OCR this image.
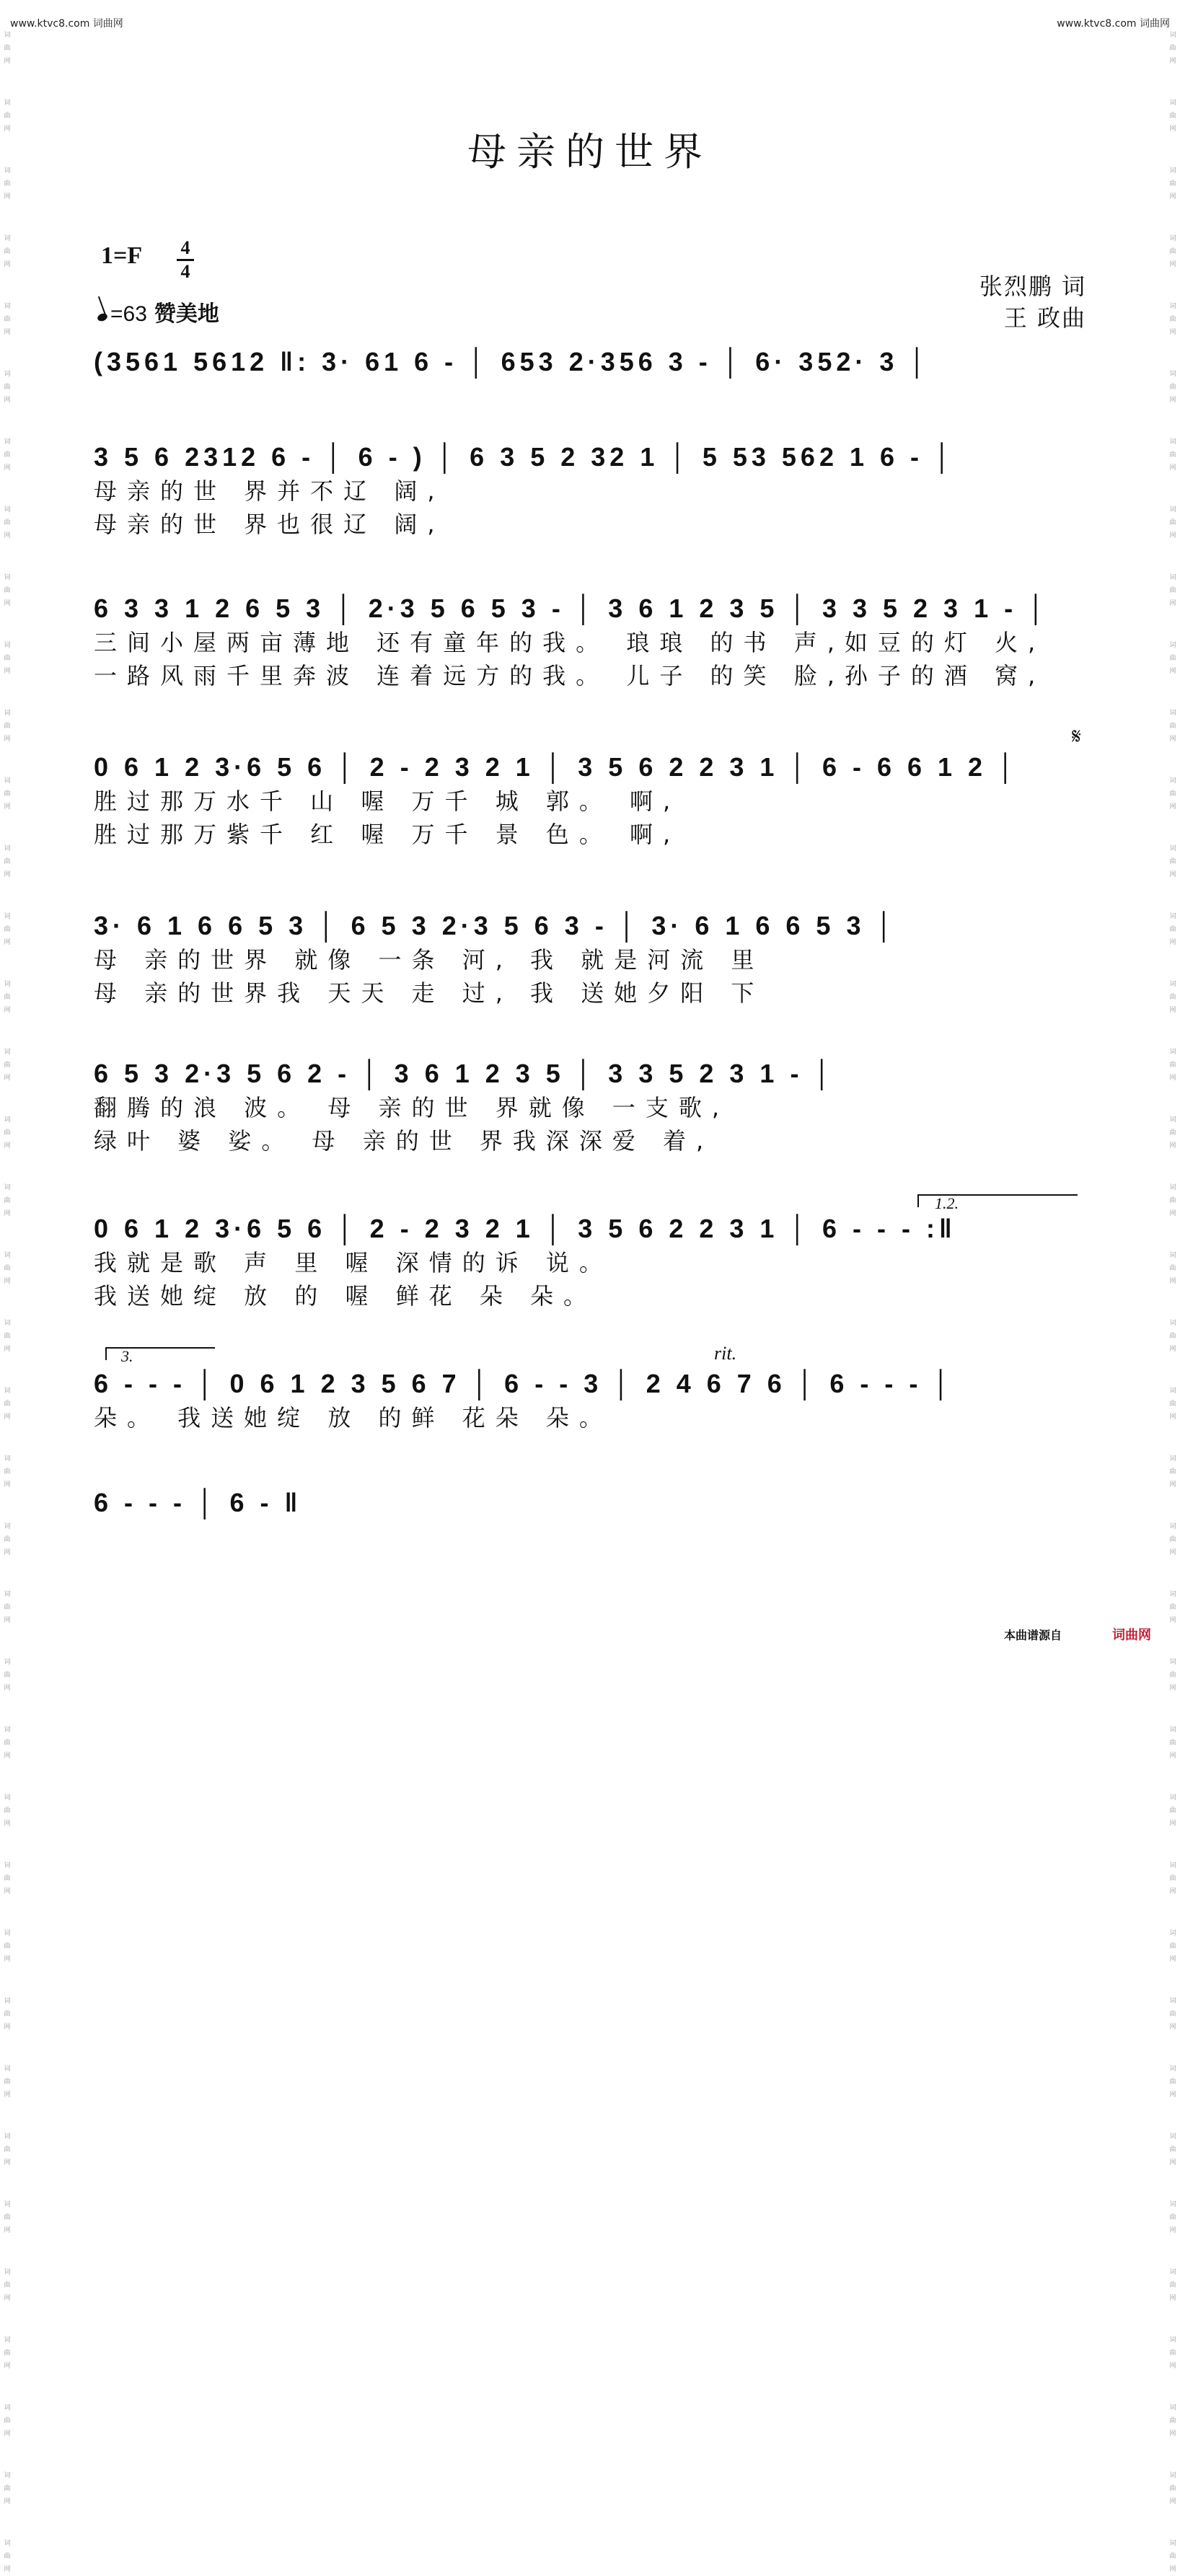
www.ktvc8.com 词曲网	www.ktvc8.com 词曲网
词曲网
词曲网
词曲网
词曲网
词曲网
词曲网
词曲网
词曲网
词曲网
词曲网
词曲网
词曲网
词曲网
词曲网
词曲网
词曲网
词曲网
词曲网
词曲网
词曲网
词曲网
词曲网
词曲网
词曲网
词曲网
词曲网
词曲网
词曲网
词曲网
词曲网
词曲网
词曲网
词曲网
词曲网
词曲网
词曲网
词曲网
词曲网
词曲网
词曲网
词曲网
词曲网
词曲网
词曲网
词曲网
词曲网
词曲网
词曲网
词曲网
词曲网
词曲网
词曲网
词曲网
词曲网
词曲网
词曲网
词曲网
词曲网
词曲网
词曲网
词曲网
词曲网
词曲网
词曲网
词曲网
词曲网
词曲网
词曲网
词曲网
词曲网
词曲网
词曲网
词曲网
词曲网
词曲网
词曲网
母亲的世界
1=F 4
4
=63 赞美地
张烈鹏 词
王 政曲
(3561 5612 ‖: 3· 61 6 - │ 653 2·356 3 - │ 6· 352· 3 │
3 5 6 2312 6 - │ 6 - ) │ 6 3 5 2 32 1 │ 5 53 562 1 6 - │
母亲的世 界并不辽 阔,
母亲的世 界也很辽 阔,
6 3 3 1 2 6 5 3 │ 2·3 5 6 5 3 - │ 3 6 1 2 3 5 │ 3 3 5 2 3 1 - │
三间小屋两亩薄地 还有童年的我。 琅琅 的书 声,如豆的灯 火,
一路风雨千里奔波 连着远方的我。 儿子 的笑 脸,孙子的酒 窝,
0 6 1 2 3·6 5 6 │ 2 - 2 3 2 1 │ 3 5 6 2 2 3 1 │ 6 - 6 6 1 2 │
胜过那万水千 山 喔 万千 城 郭。 啊,
胜过那万紫千 红 喔 万千 景 色。 啊,
3· 6 1 6 6 5 3 │ 6 5 3 2·3 5 6 3 - │ 3· 6 1 6 6 5 3 │
母 亲的世界 就像 一条 河, 我 就是河流 里
母 亲的世界我 天天 走 过, 我 送她夕阳 下
6 5 3 2·3 5 6 2 - │ 3 6 1 2 3 5 │ 3 3 5 2 3 1 - │
翻腾的浪 波。 母 亲的世 界就像 一支歌,
绿叶 婆 娑。 母 亲的世 界我深深爱 着,
0 6 1 2 3·6 5 6 │ 2 - 2 3 2 1 │ 3 5 6 2 2 3 1 │ 6 - - - :‖
我就是歌 声 里 喔 深情的诉 说。
我送她绽 放 的 喔 鲜花 朵 朵。
6 - - - │ 0 6 1 2 3 5 6 7 │ 6 - - 3 │ 2 4 6 7 6 │ 6 - - - │
朵。 我送她绽 放 的鲜 花朵 朵。
6 - - - │ 6 - ‖
𝄋
1.2.
3.	rit.
本曲谱源自	词曲网
